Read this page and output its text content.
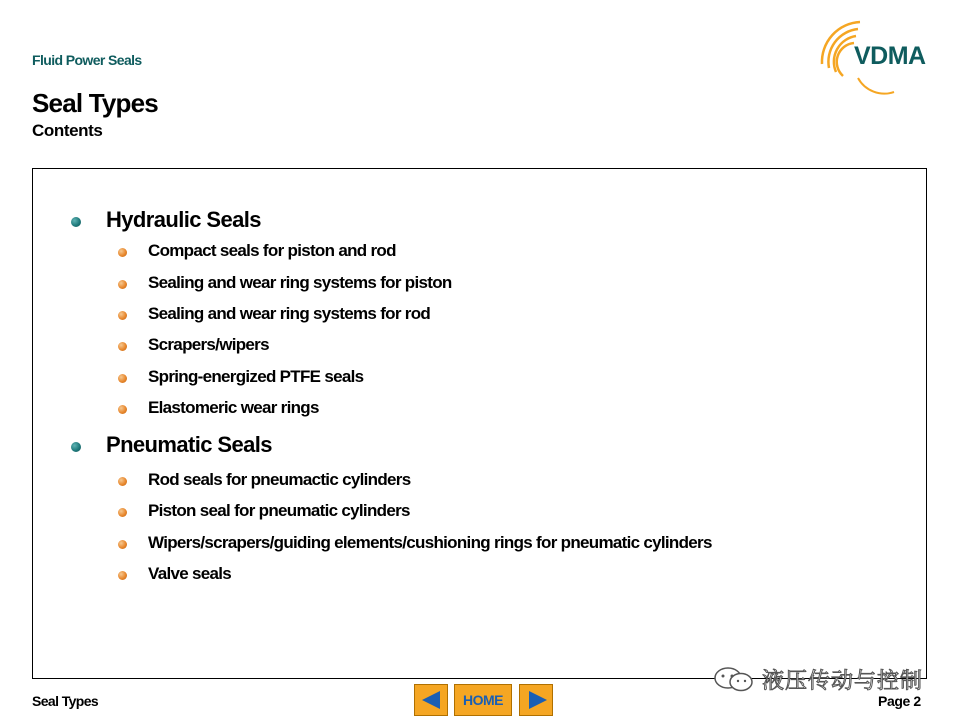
Fluid Power Seals
Seal Types
Contents
VDMA
Hydraulic Seals
Compact seals for piston and rod
Sealing and wear ring systems for piston
Sealing and wear ring systems for rod
Scrapers/wipers
Spring-energized PTFE seals
Elastomeric wear rings
Pneumatic Seals
Rod seals for pneumactic cylinders
Piston seal for pneumatic cylinders
Wipers/scrapers/guiding elements/cushioning rings for pneumatic cylinders
Valve seals
液压传动与控制
Seal Types	HOME	Page 2
